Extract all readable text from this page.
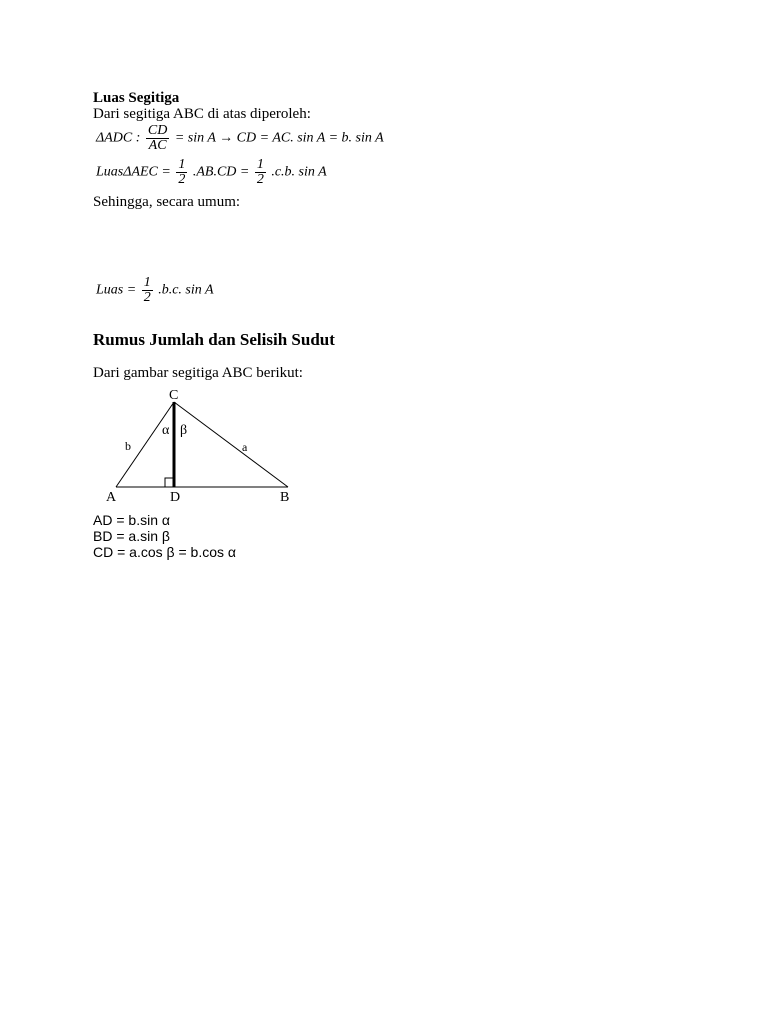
Luas Segitiga
Dari segitiga ABC di atas diperoleh:
ΔADC : $\frac{CD}{AC} = \sin A$ → CD = AC. sin A = b. sin A
LuasΔAEC = $\frac{1}{2} .AB.CD = \frac{1}{2} .c.b$. sin A
Sehingga, secara umum:
Luas = $\frac{1}{2} .b.c$. sin A
Rumus Jumlah dan Selisih Sudut
Dari gambar segitiga ABC berikut:
C
A	D	B
b	a
α β
AD = b.sin α
BD = a.sin β
CD = a.cos β = b.cos α
